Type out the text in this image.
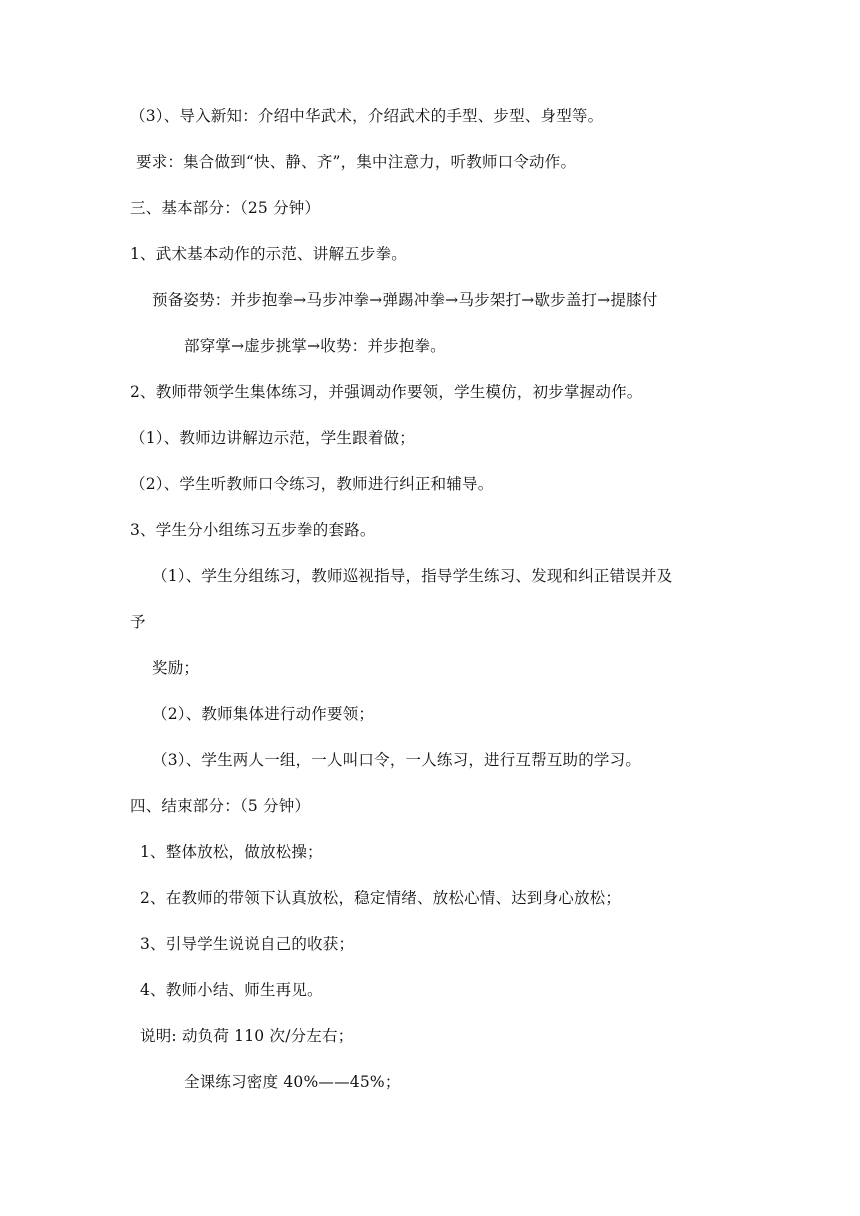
（3）、导入新知：介绍中华武术，介绍武术的手型、步型、身型等。
要求：集合做到“快、静、齐”，集中注意力，听教师口令动作。
三、基本部分：（25 分钟）
1、武术基本动作的示范、讲解五步拳。
预备姿势：并步抱拳→马步冲拳→弹踢冲拳→马步架打→歇步盖打→提膝付
部穿掌→虚步挑掌→收势：并步抱拳。
2、教师带领学生集体练习，并强调动作要领，学生模仿，初步掌握动作。
（1）、教师边讲解边示范，学生跟着做；
（2）、学生听教师口令练习，教师进行纠正和辅导。
3、学生分小组练习五步拳的套路。
（1）、学生分组练习，教师巡视指导，指导学生练习、发现和纠正错误并及
予
奖励；
（2）、教师集体进行动作要领；
（3）、学生两人一组，一人叫口令，一人练习，进行互帮互助的学习。
四、结束部分：（5 分钟）
1、整体放松，做放松操；
2、在教师的带领下认真放松，稳定情绪、放松心情、达到身心放松；
3、引导学生说说自己的收获；
4、教师小结、师生再见。
说明: 动负荷 110 次/分左右；
全课练习密度 40%——45%；
